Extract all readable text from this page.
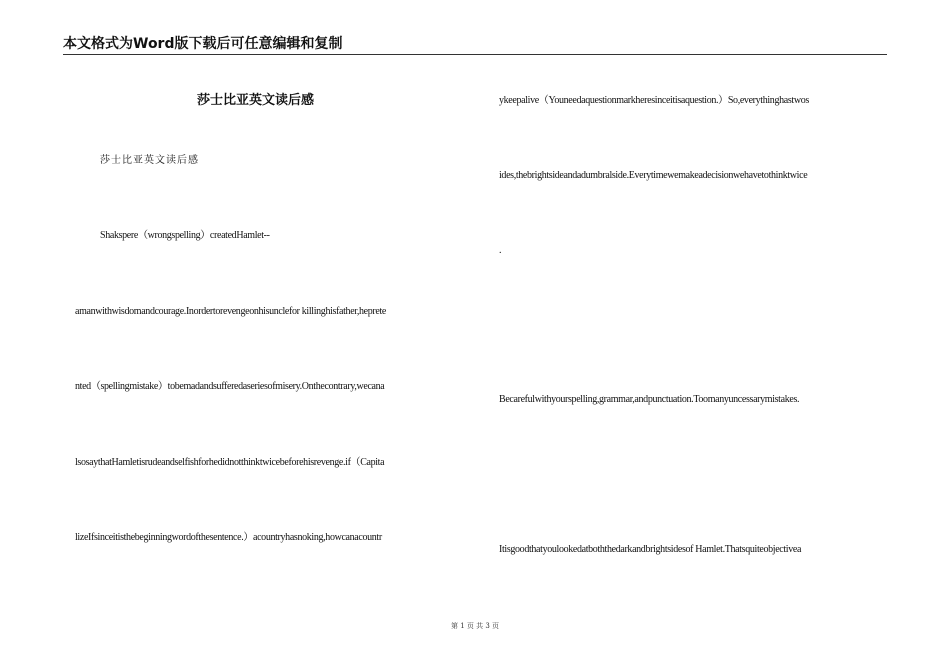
本文格式为Word版下载后可任意编辑和复制
莎士比亚英文读后感
莎士比亚英文读后感
Shakspere（wrongspelling）createdHamlet--
amanwithwisdomandcourage.Inordertorevengeonhisunclefor killinghisfather,heprete
nted（spellingmistake）tobemadandsufferedaseriesofmisery.Onthecontrary,wecana
lsosaythatHamletisrudeandselfishforhedidnotthinktwicebeforehisrevenge.if（Capita
lizeIfsinceitisthebeginningwordofthesentence.）acountryhasnoking,howcanacountr
ykeepalive（Youneedaquestionmarkheresinceitisaquestion.）So,everythinghastwos
ides,thebrightsideandadumbralside.Everytimewemakeadecisionwehavetothinktwice
.
Becarefulwithyourspelling,grammar,andpunctuation.Toomanyuncessarymistakes.
Itisgoodthatyoulookedatboththedarkandbrightsidesof Hamlet.Thatsquiteobjectivea
第 1 页 共 3 页
